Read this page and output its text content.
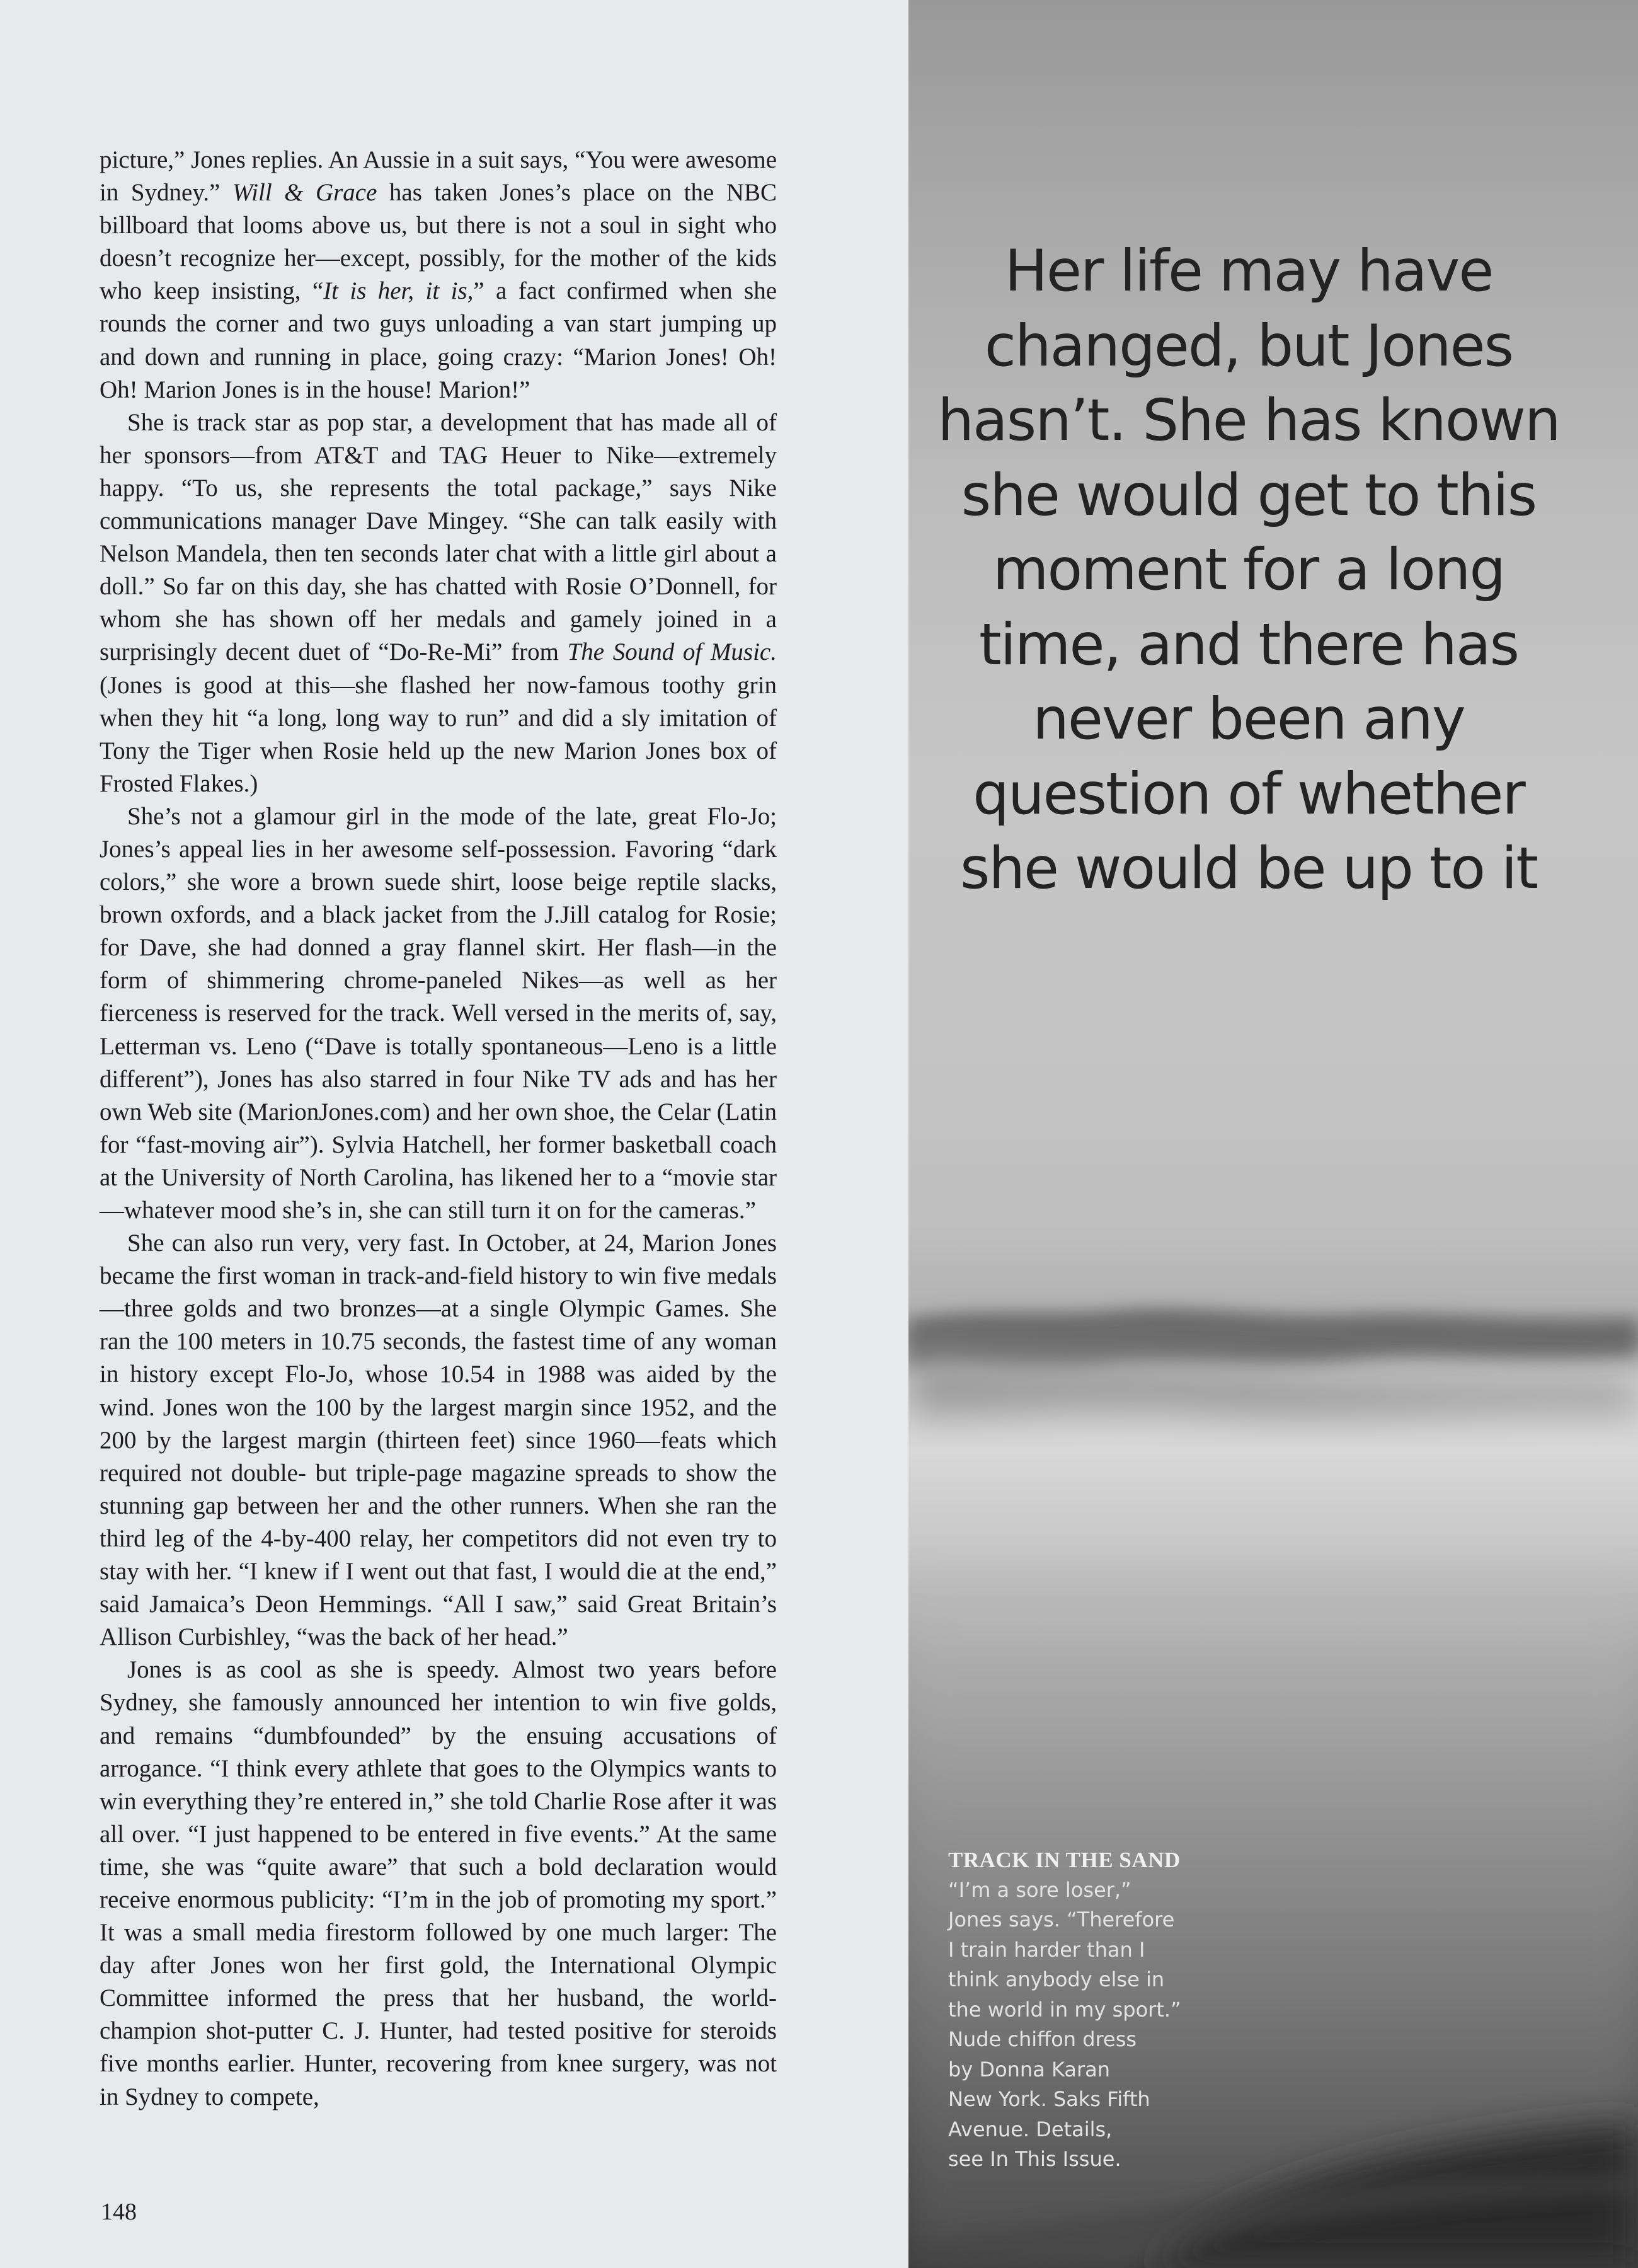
picture,” Jones replies. An Aussie in a suit says, “You were awesome in Sydney.” Will & Grace has taken Jones’s place on the NBC billboard that looms above us, but there is not a soul in sight who doesn’t recognize her—except, possibly, for the mother of the kids who keep insisting, “It is her, it is,” a fact confirmed when she rounds the corner and two guys unloading a van start jumping up and down and running in place, going crazy: “Marion Jones! Oh! Oh! Marion Jones is in the house! Marion!”

She is track star as pop star, a development that has made all of her sponsors—from AT&T and TAG Heuer to Nike—extremely happy. “To us, she represents the total package,” says Nike communications manager Dave Mingey. “She can talk easily with Nelson Mandela, then ten seconds later chat with a little girl about a doll.” So far on this day, she has chatted with Rosie O’Donnell, for whom she has shown off her medals and gamely joined in a surprisingly decent duet of “Do-Re-Mi” from The Sound of Music. (Jones is good at this—she flashed her now-famous toothy grin when they hit “a long, long way to run” and did a sly imitation of Tony the Tiger when Rosie held up the new Marion Jones box of Frosted Flakes.)

She’s not a glamour girl in the mode of the late, great Flo-Jo; Jones’s appeal lies in her awesome self-possession. Favoring “dark colors,” she wore a brown suede shirt, loose beige reptile slacks, brown oxfords, and a black jacket from the J.Jill catalog for Rosie; for Dave, she had donned a gray flannel skirt. Her flash—in the form of shimmering chrome-paneled Nikes—as well as her fierceness is reserved for the track. Well versed in the merits of, say, Letterman vs. Leno (“Dave is totally spontaneous—Leno is a little different”), Jones has also starred in four Nike TV ads and has her own Web site (MarionJones.com) and her own shoe, the Celar (Latin for “fast-moving air”). Sylvia Hatchell, her former basketball coach at the University of North Carolina, has likened her to a “movie star—whatever mood she’s in, she can still turn it on for the cameras.”

She can also run very, very fast. In October, at 24, Marion Jones became the first woman in track-and-field history to win five medals—three golds and two bronzes—at a single Olympic Games. She ran the 100 meters in 10.75 seconds, the fastest time of any woman in history except Flo-Jo, whose 10.54 in 1988 was aided by the wind. Jones won the 100 by the largest margin since 1952, and the 200 by the largest margin (thirteen feet) since 1960—feats which required not double- but triple-page magazine spreads to show the stunning gap between her and the other runners. When she ran the third leg of the 4-by-400 relay, her competitors did not even try to stay with her. “I knew if I went out that fast, I would die at the end,” said Jamaica’s Deon Hemmings. “All I saw,” said Great Britain’s Allison Curbishley, “was the back of her head.”

Jones is as cool as she is speedy. Almost two years before Sydney, she famously announced her intention to win five golds, and remains “dumbfounded” by the ensuing accusations of arrogance. “I think every athlete that goes to the Olympics wants to win everything they’re entered in,” she told Charlie Rose after it was all over. “I just happened to be entered in five events.” At the same time, she was “quite aware” that such a bold declaration would receive enormous publicity: “I’m in the job of promoting my sport.” It was a small media firestorm followed by one much larger: The day after Jones won her first gold, the International Olympic Committee informed the press that her husband, the world-champion shot-putter C. J. Hunter, had tested positive for steroids five months earlier. Hunter, recovering from knee surgery, was not in Sydney to compete,

148
Her life may have changed, but Jones hasn’t. She has known she would get to this moment for a long time, and there has never been any question of whether she would be up to it
TRACK IN THE SAND
“I’m a sore loser,”
Jones says. “Therefore
I train harder than I
think anybody else in
the world in my sport.”
Nude chiffon dress
by Donna Karan
New York. Saks Fifth
Avenue. Details,
see In This Issue.
